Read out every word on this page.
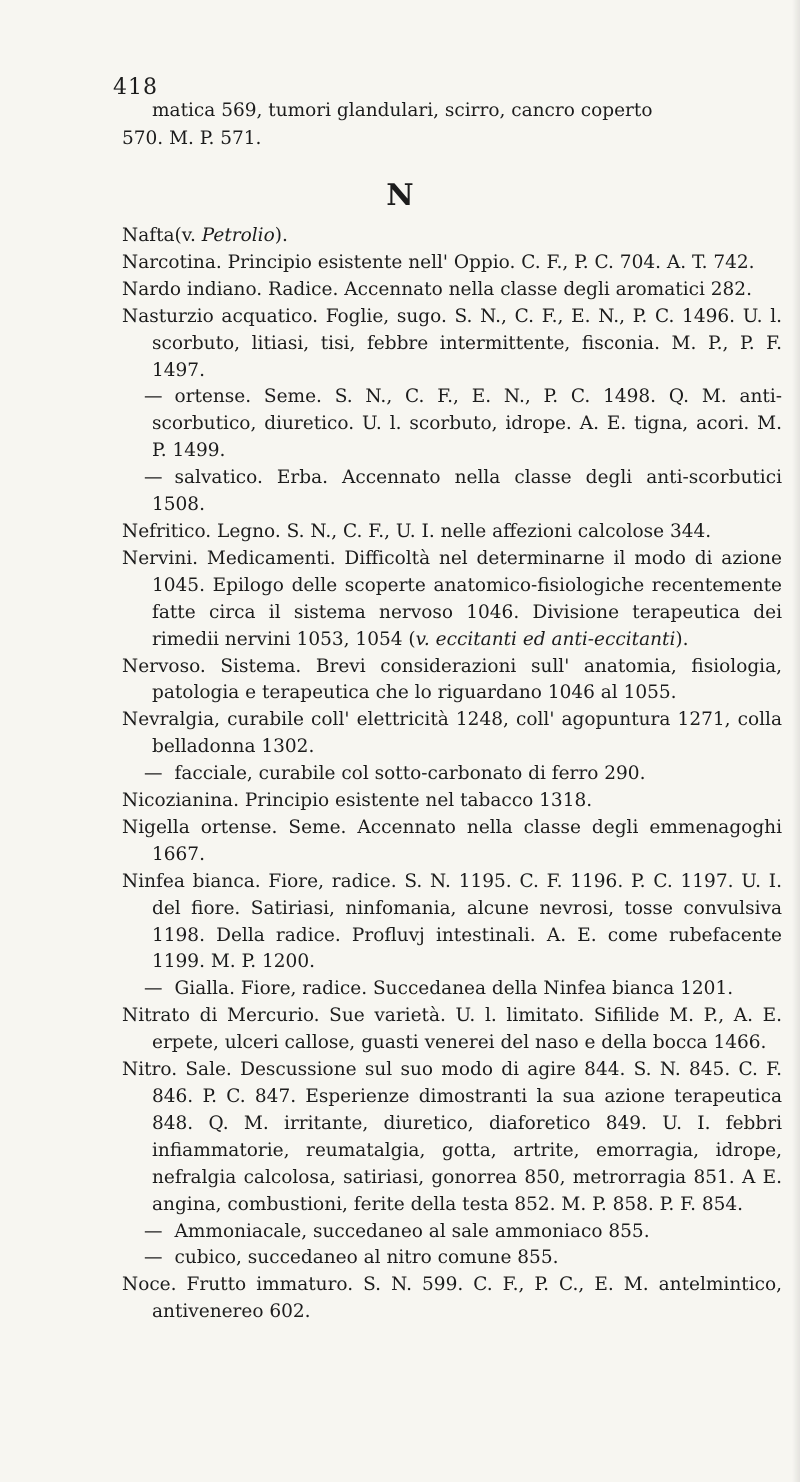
418
matica 569, tumori glandulari, scirro, cancro coperto
570. M. P. 571.
N
Nafta(v. Petrolio).
Narcotina. Principio esistente nell' Oppio. C. F., P. C. 704. A. T. 742.
Nardo indiano. Radice. Accennato nella classe degli aromatici 282.
Nasturzio acquatico. Foglie, sugo. S. N., C. F., E. N., P. C. 1496. U. l. scorbuto, litiasi, tisi, febbre intermittente, fisconia. M. P., P. F. 1497.
— ortense. Seme. S. N., C. F., E. N., P. C. 1498. Q. M. anti-scorbutico, diuretico. U. l. scorbuto, idrope. A. E. tigna, acori. M. P. 1499.
— salvatico. Erba. Accennato nella classe degli anti-scorbutici 1508.
Nefritico. Legno. S. N., C. F., U. I. nelle affezioni calcolose 344.
Nervini. Medicamenti. Difficoltà nel determinarne il modo di azione 1045. Epilogo delle scoperte anatomico-fisiologiche recentemente fatte circa il sistema nervoso 1046. Divisione terapeutica dei rimedii nervini 1053, 1054 (v. eccitanti ed anti-eccitanti).
Nervoso. Sistema. Brevi considerazioni sull' anatomia, fisiologia, patologia e terapeutica che lo riguardano 1046 al 1055.
Nevralgia, curabile coll' elettricità 1248, coll' agopuntura 1271, colla belladonna 1302.
— facciale, curabile col sotto-carbonato di ferro 290.
Nicozianina. Principio esistente nel tabacco 1318.
Nigella ortense. Seme. Accennato nella classe degli emmenagoghi 1667.
Ninfea bianca. Fiore, radice. S. N. 1195. C. F. 1196. P. C. 1197. U. I. del fiore. Satiriasi, ninfomania, alcune nevrosi, tosse convulsiva 1198. Della radice. Profluvj intestinali. A. E. come rubefacente 1199. M. P. 1200.
— Gialla. Fiore, radice. Succedanea della Ninfea bianca 1201.
Nitrato di Mercurio. Sue varietà. U. l. limitato. Sifilide M. P., A. E. erpete, ulceri callose, guasti venerei del naso e della bocca 1466.
Nitro. Sale. Descussione sul suo modo di agire 844. S. N. 845. C. F. 846. P. C. 847. Esperienze dimostranti la sua azione terapeutica 848. Q. M. irritante, diuretico, diaforetico 849. U. I. febbri infiammatorie, reumatalgia, gotta, artrite, emorragia, idrope, nefralgia calcolosa, satiriasi, gonorrea 850, metrorragia 851. A E. angina, combustioni, ferite della testa 852. M. P. 858. P. F. 854.
— Ammoniacale, succedaneo al sale ammoniaco 855.
— cubico, succedaneo al nitro comune 855.
Noce. Frutto immaturo. S. N. 599. C. F., P. C., E. M. antelmintico, antivenereo 602.
